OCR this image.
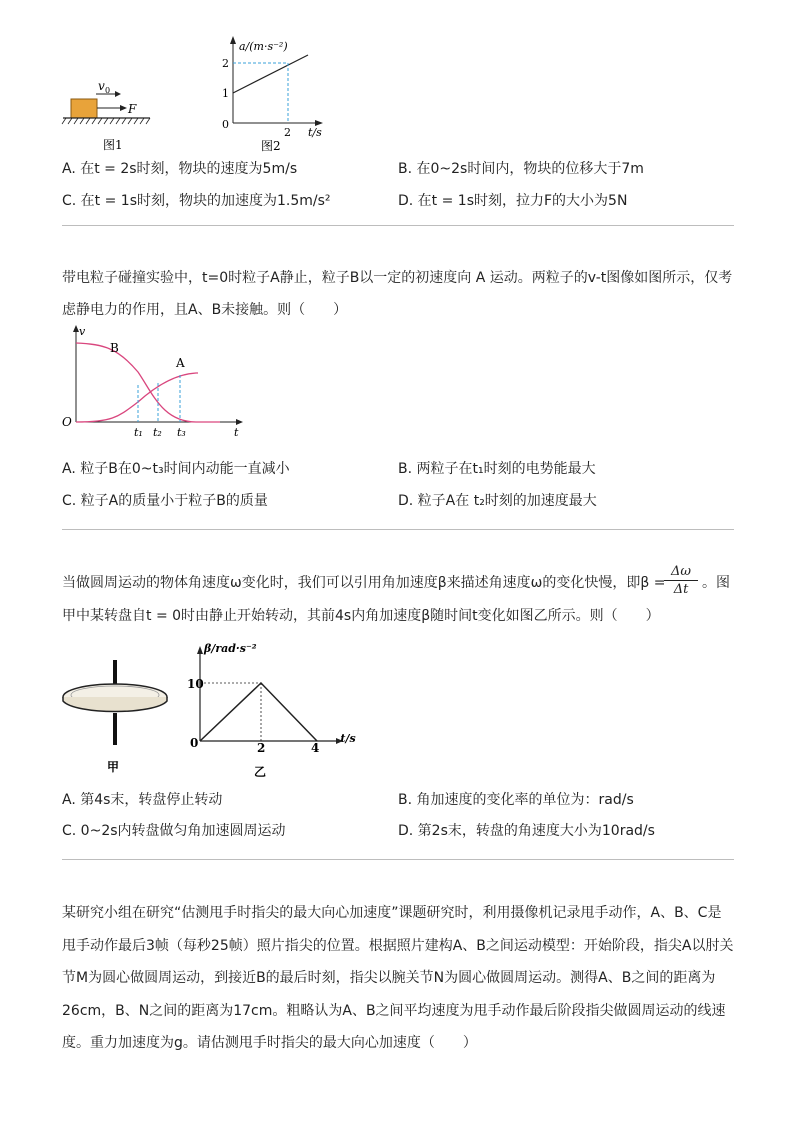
v 0
F
图1
a/(m·s⁻²)
2
1
0
2 t/s
图2
A. 在t = 2s时刻，物块的速度为5m/s	B. 在0~2s时间内，物块的位移大于7m
C. 在t = 1s时刻，物块的加速度为1.5m/s²	D. 在t = 1s时刻，拉力F的大小为5N
带电粒子碰撞实验中，t=0时粒子A静止，粒子B以一定的初速度向 A 运动。两粒子的v-t图像如图所示，仅考
虑静电力的作用，且A、B未接触。则（　　）
v
O
t
B
A
t₁ t₂ t₃
A. 粒子B在0~t₃时间内动能一直减小	B. 两粒子在t₁时刻的电势能最大
C. 粒子A的质量小于粒子B的质量	D. 粒子A在 t₂时刻的加速度最大
当做圆周运动的物体角速度ω变化时，我们可以引用角加速度β来描述角速度ω的变化快慢，即β =
$\frac{\Delta\omega}{\Delta t}$ 。图
甲中某转盘自t = 0时由静止开始转动，其前4s内角加速度β随时间t变化如图乙所示。则（　　）
甲
β/rad·s⁻²
10
0	2	4
t/s
乙
A. 第4s末，转盘停止转动	B. 角加速度的变化率的单位为：rad/s
C. 0~2s内转盘做匀角加速圆周运动	D. 第2s末，转盘的角速度大小为10rad/s
某研究小组在研究“估测甩手时指尖的最大向心加速度”课题研究时，利用摄像机记录甩手动作，A、B、C是
甩手动作最后3帧（每秒25帧）照片指尖的位置。根据照片建构A、B之间运动模型：开始阶段，指尖A以肘关
节M为圆心做圆周运动，到接近B的最后时刻，指尖以腕关节N为圆心做圆周运动。测得A、B之间的距离为
26cm，B、N之间的距离为17cm。粗略认为A、B之间平均速度为甩手动作最后阶段指尖做圆周运动的线速
度。重力加速度为g。请估测甩手时指尖的最大向心加速度（　　）
